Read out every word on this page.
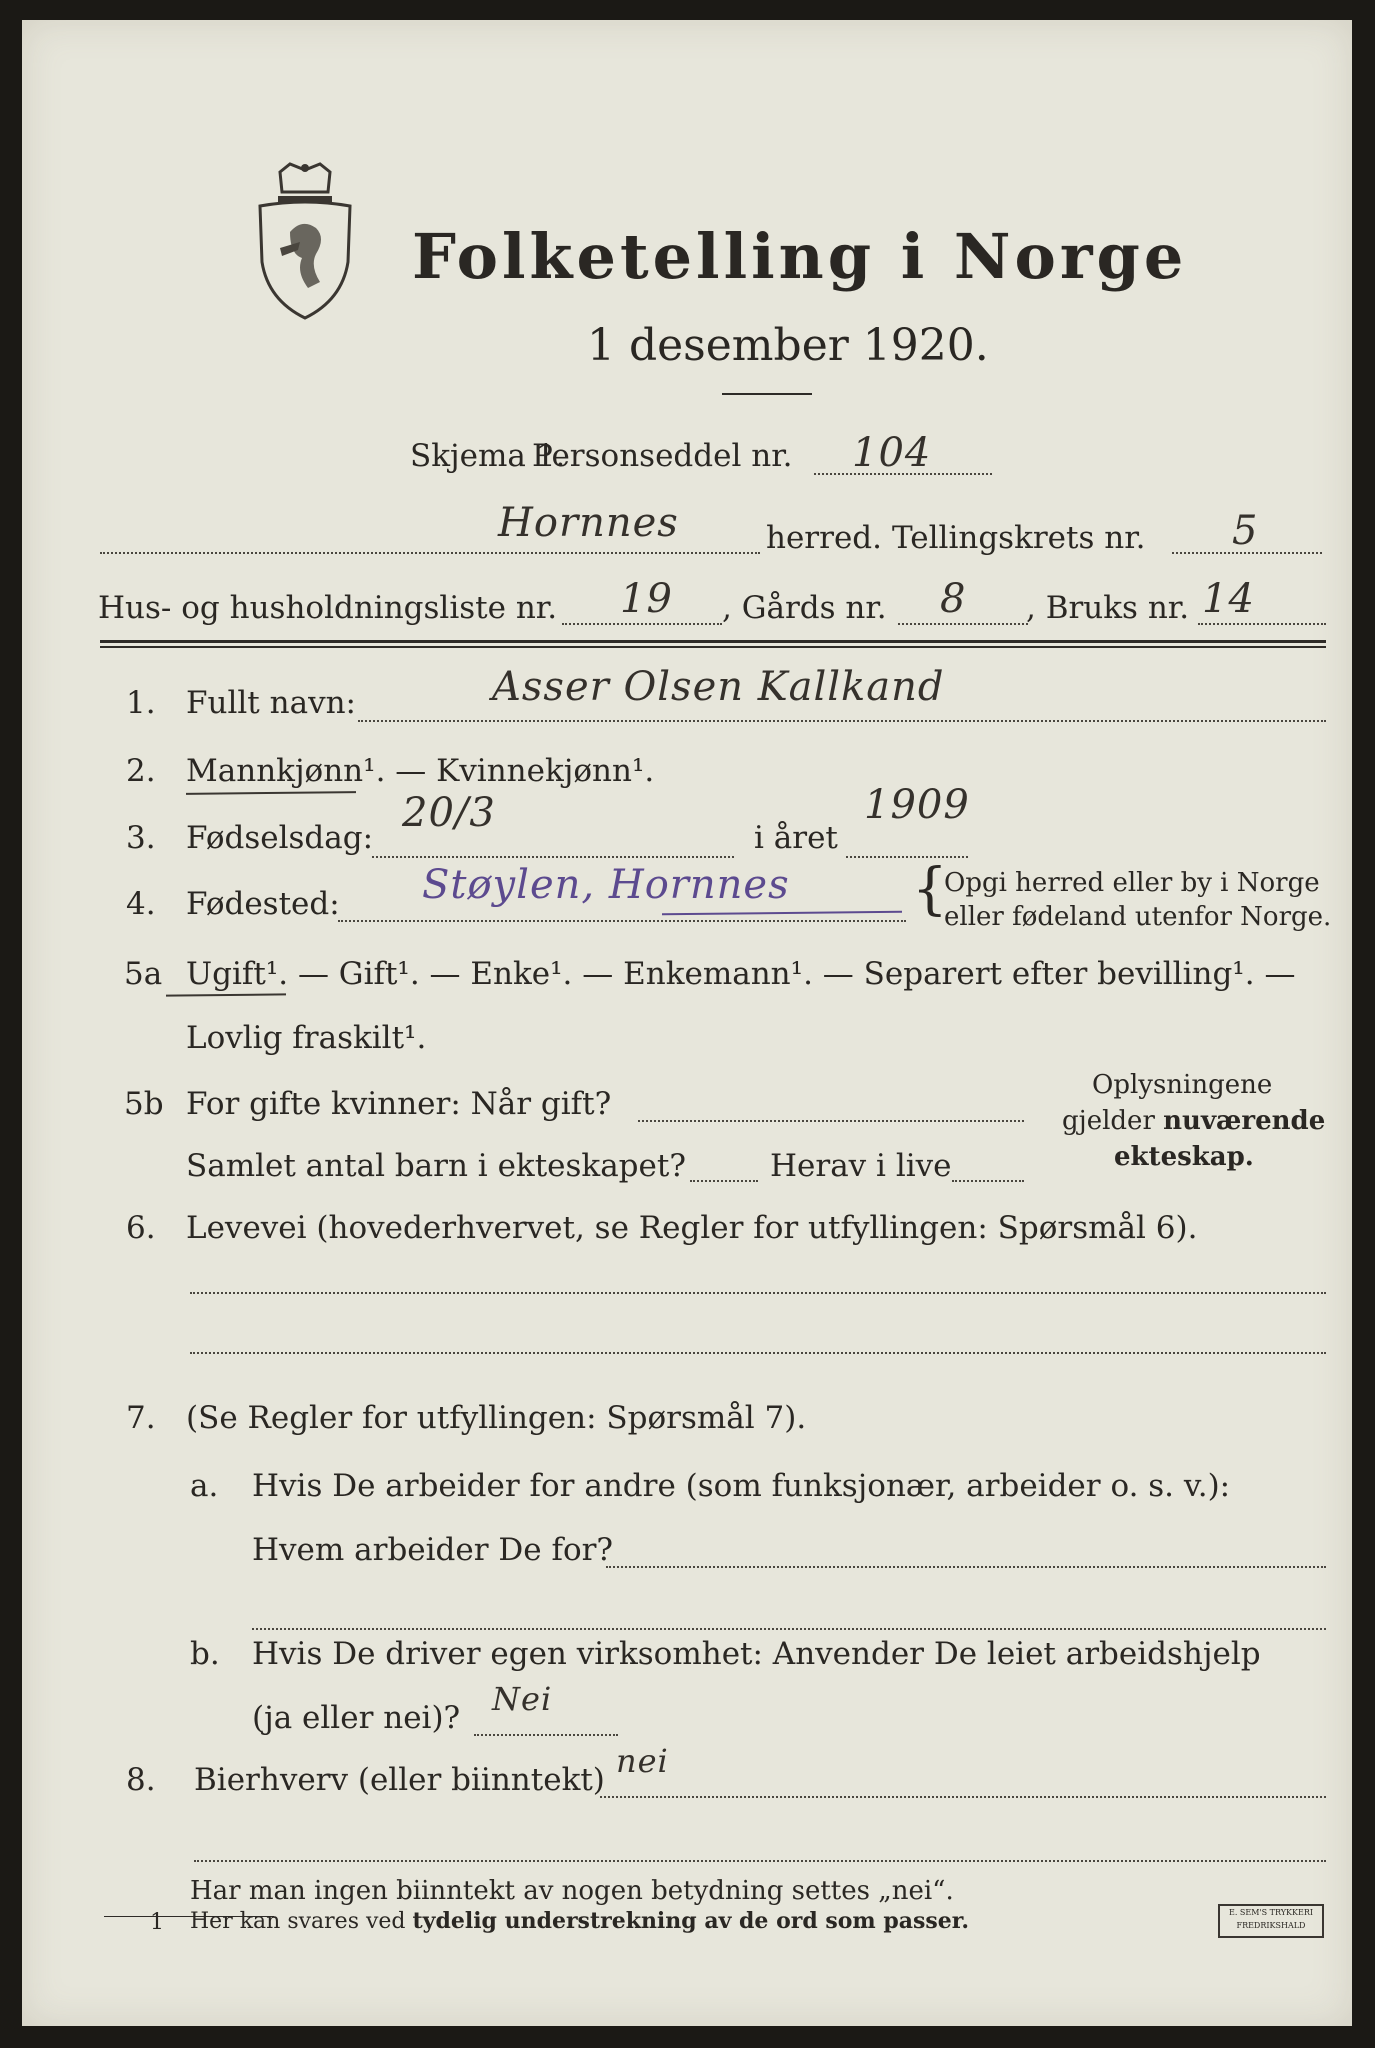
Folketelling i Norge
1 desember 1920.
Skjema 1.
Personseddel nr. 104
Hornnes	herred. Tellingskrets nr. 5
Hus- og husholdningsliste nr. 19 , Gårds nr. 8 , Bruks nr. 14
1. Fullt navn:	Asser Olsen Kallkand
2. Mannkjønn¹. — Kvinnekjønn¹.
3. Fødselsdag:
20/3
i året
1909
4. Fødested: Støylen, Hornnes {
Opgi herred eller by i Norge
eller fødeland utenfor Norge.
5a Ugift¹. — Gift¹. — Enke¹. — Enkemann¹. — Separert efter bevilling¹. —
Lovlig fraskilt¹.
5b For gifte kvinner: Når gift?
Samlet antal barn i ekteskapet?	Herav i live
Oplysningene
gjelder nuværende
ekteskap.
6. Levevei (hovederhvervet, se Regler for utfyllingen: Spørsmål 6).
7. (Se Regler for utfyllingen: Spørsmål 7).
a. Hvis De arbeider for andre (som funksjonær, arbeider o. s. v.):
Hvem arbeider De for?
b. Hvis De driver egen virksomhet: Anvender De leiet arbeidshjelp
(ja eller nei)? Nei
8. Bierhverv (eller biinntekt) nei
Har man ingen biinntekt av nogen betydning settes „nei“.
1 Her kan svares ved tydelig understrekning av de ord som passer.	E. SEM'S TRYKKERI
FREDRIKSHALD
